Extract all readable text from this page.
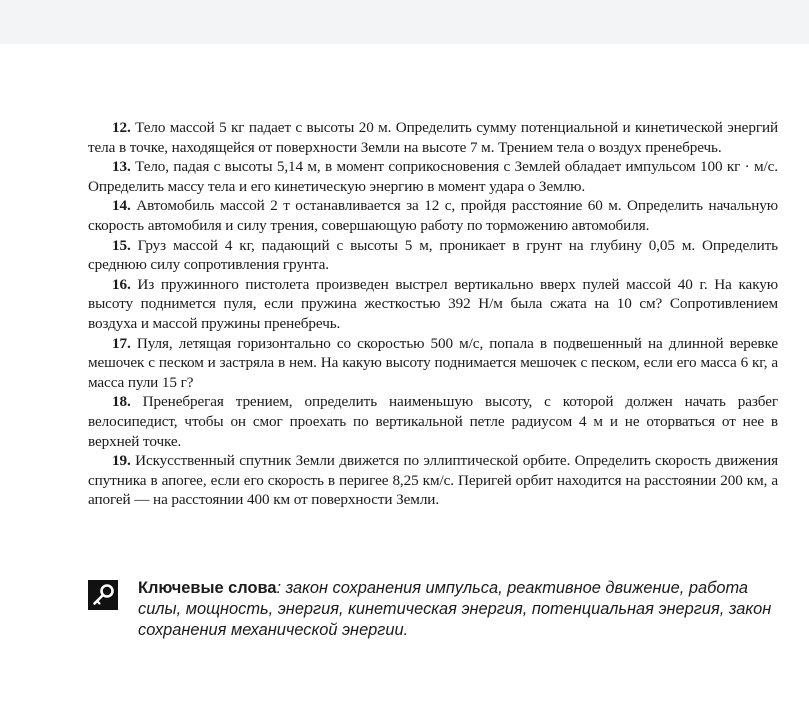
12. Тело массой 5 кг падает с высоты 20 м. Определить сумму потенциальной и кинетической энергий тела в точке, находящейся от поверхности Земли на высоте 7 м. Трением тела о воздух пренебречь.

13. Тело, падая с высоты 5,14 м, в момент соприкосновения с Землей обладает импульсом 100 кг · м/с. Определить массу тела и его кинетическую энергию в момент удара о Землю.

14. Автомобиль массой 2 т останавливается за 12 с, пройдя расстояние 60 м. Определить начальную скорость автомобиля и силу трения, совершающую работу по торможению автомобиля.

15. Груз массой 4 кг, падающий с высоты 5 м, проникает в грунт на глубину 0,05 м. Определить среднюю силу сопротивления грунта.

16. Из пружинного пистолета произведен выстрел вертикально вверх пулей массой 40 г. На какую высоту поднимется пуля, если пружина жесткостью 392 Н/м была сжата на 10 см? Сопротивлением воздуха и массой пружины пренебречь.

17. Пуля, летящая горизонтально со скоростью 500 м/с, попала в подвешенный на длинной веревке мешочек с песком и застряла в нем. На какую высоту поднимается мешочек с песком, если его масса 6 кг, а масса пули 15 г?

18. Пренебрегая трением, определить наименьшую высоту, с которой должен начать разбег велосипедист, чтобы он смог проехать по вертикальной петле радиусом 4 м и не оторваться от нее в верхней точке.

19. Искусственный спутник Земли движется по эллиптической орбите. Определить скорость движения спутника в апогее, если его скорость в перигее 8,25 км/с. Перигей орбит находится на расстоянии 200 км, а апогей — на расстоянии 400 км от поверхности Земли.

Ключевые слова: закон сохранения импульса, реактивное движение, работа силы, мощность, энергия, кинетическая энергия, потенциальная энергия, закон сохранения механической энергии.
